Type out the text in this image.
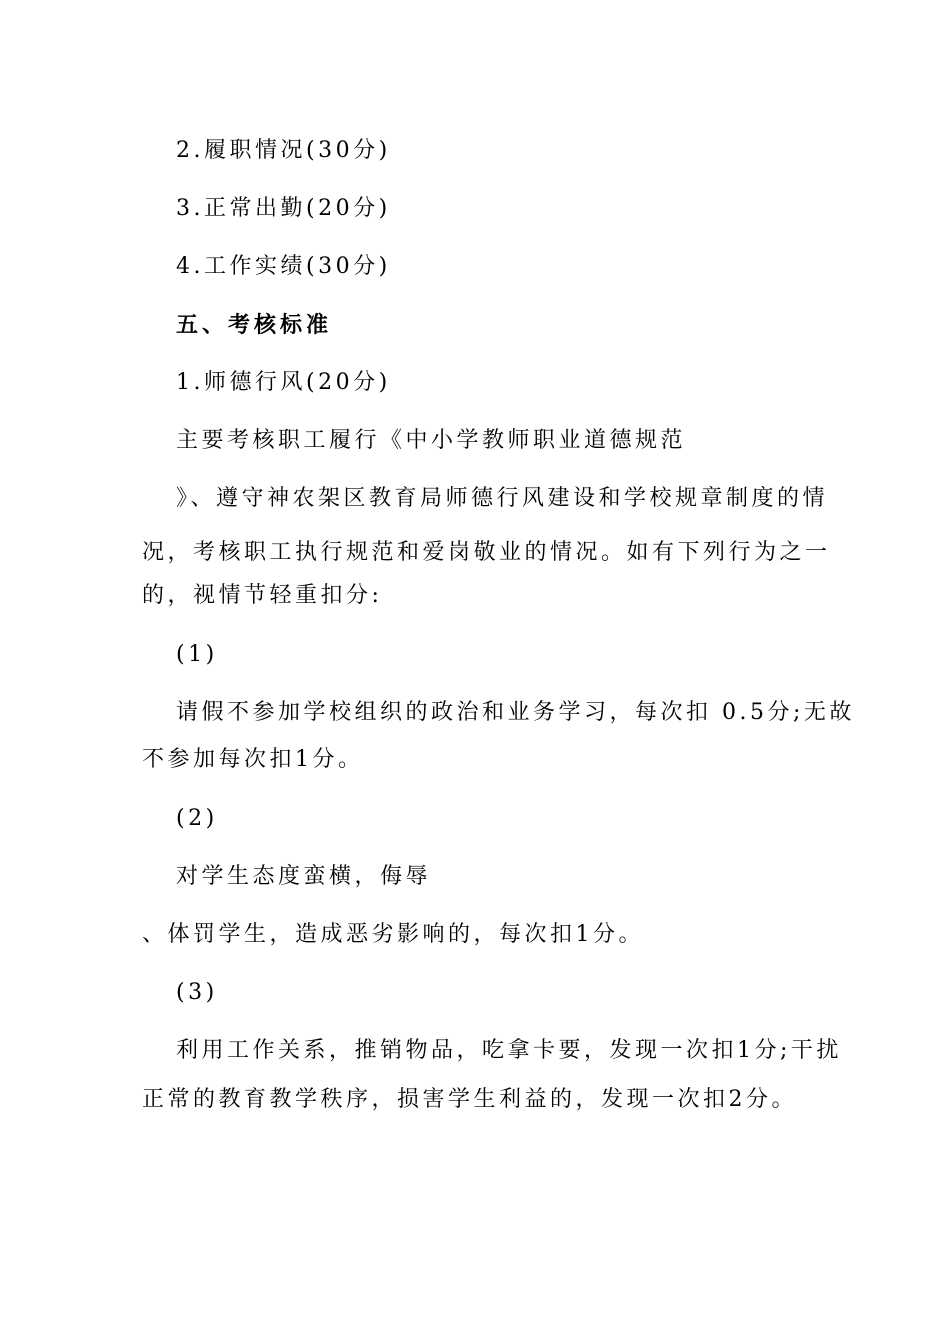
2.履职情况(30分)
3.正常出勤(20分)
4.工作实绩(30分)
五、考核标准
1.师德行风(20分)
主要考核职工履行《中小学教师职业道德规范
》、遵守神农架区教育局师德行风建设和学校规章制度的情
况，考核职工执行规范和爱岗敬业的情况。如有下列行为之一
的，视情节轻重扣分:
(1)
请假不参加学校组织的政治和业务学习，每次扣 0.5分;无故
不参加每次扣1分。
(2)
对学生态度蛮横，侮辱
、体罚学生，造成恶劣影响的，每次扣1分。
(3)
利用工作关系，推销物品，吃拿卡要，发现一次扣1分;干扰
正常的教育教学秩序，损害学生利益的，发现一次扣2分。
